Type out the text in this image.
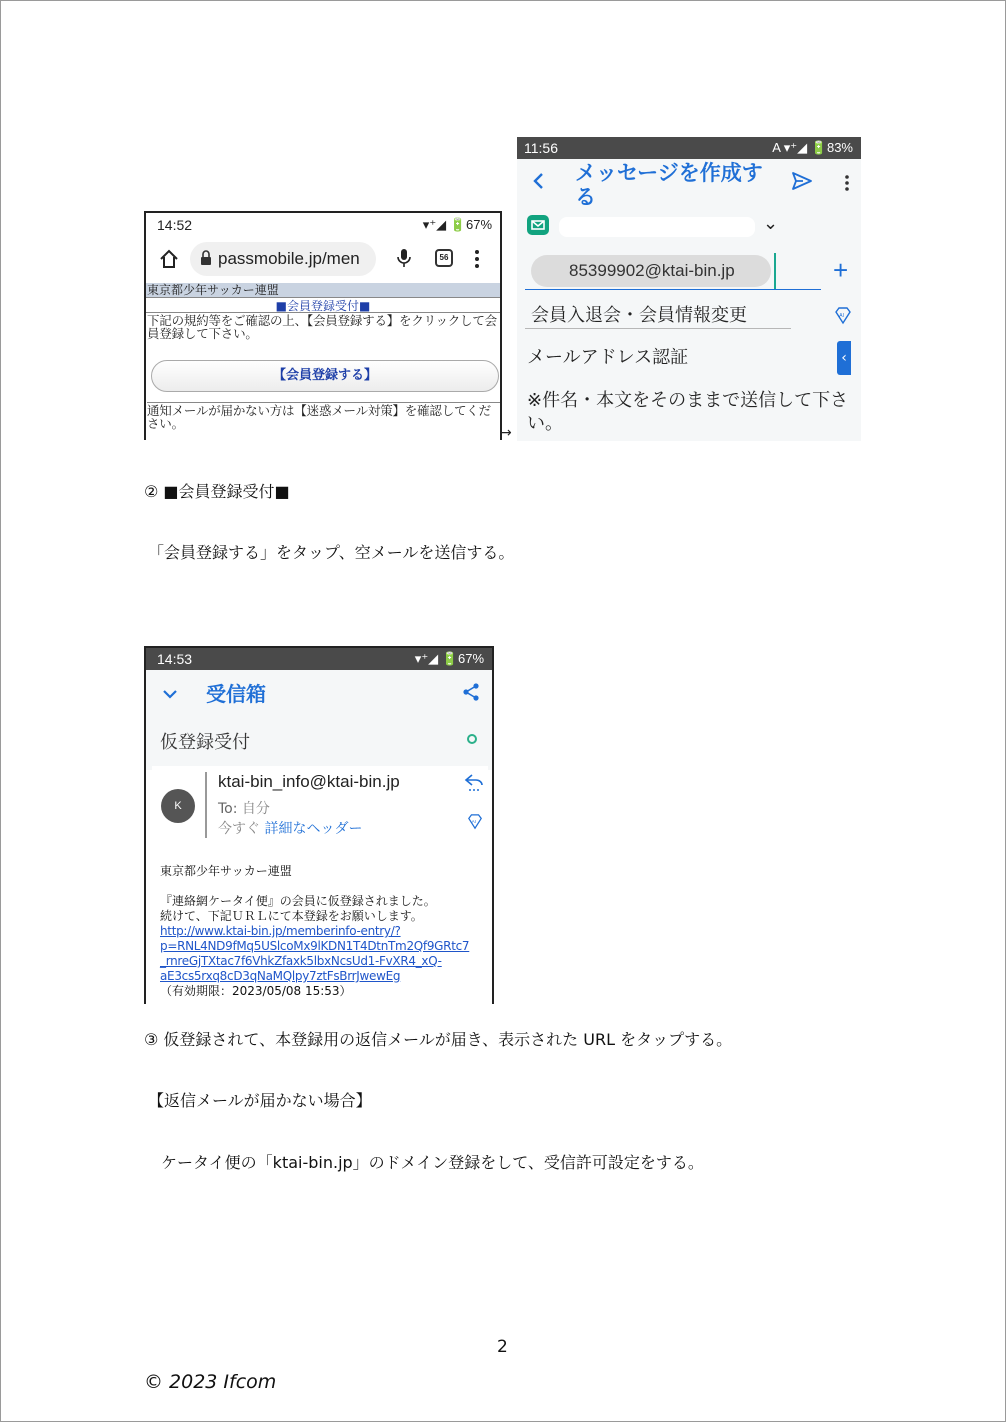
14:52	▾⁺◢ 🔋67%
passmobile.jp/men	56
東京都少年サッカー連盟
■会員登録受付■
下記の規約等をご確認の上、【会員登録する】をクリックして会員登録して下さい。
【会員登録する】
通知メールが届かない方は【迷惑メール対策】を確認してください。
→
11:56	A ▾⁺◢ 🔋83%
メッセージを作成する
⌄
85399902@ktai-bin.jp	+
会員入退会・会員情報変更	AI
メールアドレス認証	‹
※件名・本文をそのままで送信して下さい。
② ■会員登録受付■
「会員登録する」をタップ、空メールを送信する。
14:53	▾⁺◢ 🔋67%
受信箱
仮登録受付
K
ktai-bin_info@ktai-bin.jp
To: 自分
今すぐ 詳細なヘッダー	AI
東京都少年サッカー連盟
『連絡網ケータイ便』の会員に仮登録されました。
続けて、下記ＵＲＬにて本登録をお願いします。
http://www.ktai-bin.jp/memberinfo-entry/?
p=RNL4ND9fMq5USlcoMx9lKDN1T4DtnTm2Qf9GRtc7
_rnreGjTXtac7f6VhkZfaxk5lbxNcsUd1-FvXR4_xQ-
aE3cs5rxq8cD3qNaMQlpy7ztFsBrrJwewEg
（有効期限：2023/05/08 15:53）
③ 仮登録されて、本登録用の返信メールが届き、表示された URL をタップする。
【返信メールが届かない場合】
ケータイ便の「ktai-bin.jp」のドメイン登録をして、受信許可設定をする。
2
© 2023 Ifcom
